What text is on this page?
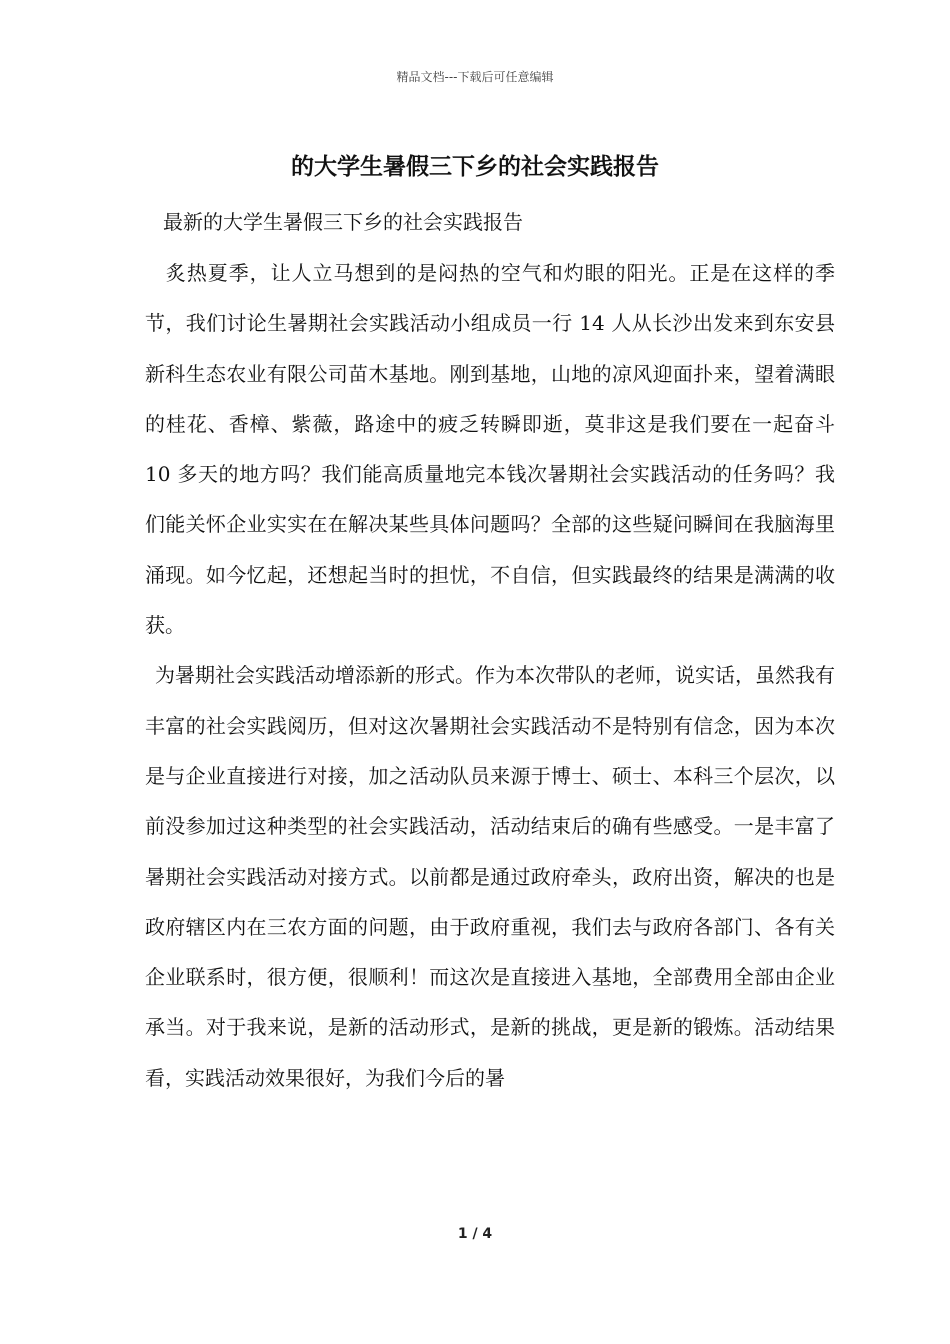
精品文档---下载后可任意编辑
的大学生暑假三下乡的社会实践报告
最新的大学生暑假三下乡的社会实践报告

　炙热夏季，让人立马想到的是闷热的空气和灼眼的阳光。正是在这样的季节，我们讨论生暑期社会实践活动小组成员一行 14 人从长沙出发来到东安县新科生态农业有限公司苗木基地。刚到基地，山地的凉风迎面扑来，望着满眼的桂花、香樟、紫薇，路途中的疲乏转瞬即逝，莫非这是我们要在一起奋斗 10 多天的地方吗？我们能高质量地完本钱次暑期社会实践活动的任务吗？我们能关怀企业实实在在解决某些具体问题吗？全部的这些疑问瞬间在我脑海里涌现。如今忆起，还想起当时的担忧，不自信，但实践最终的结果是满满的收获。

 为暑期社会实践活动增添新的形式。作为本次带队的老师，说实话，虽然我有丰富的社会实践阅历，但对这次暑期社会实践活动不是特别有信念，因为本次是与企业直接进行对接，加之活动队员来源于博士、硕士、本科三个层次，以前没参加过这种类型的社会实践活动，活动结束后的确有些感受。一是丰富了暑期社会实践活动对接方式。以前都是通过政府牵头，政府出资，解决的也是政府辖区内在三农方面的问题，由于政府重视，我们去与政府各部门、各有关企业联系时，很方便，很顺利！而这次是直接进入基地，全部费用全部由企业承当。对于我来说，是新的活动形式，是新的挑战，更是新的锻炼。活动结果看，实践活动效果很好，为我们今后的暑

1 / 4
